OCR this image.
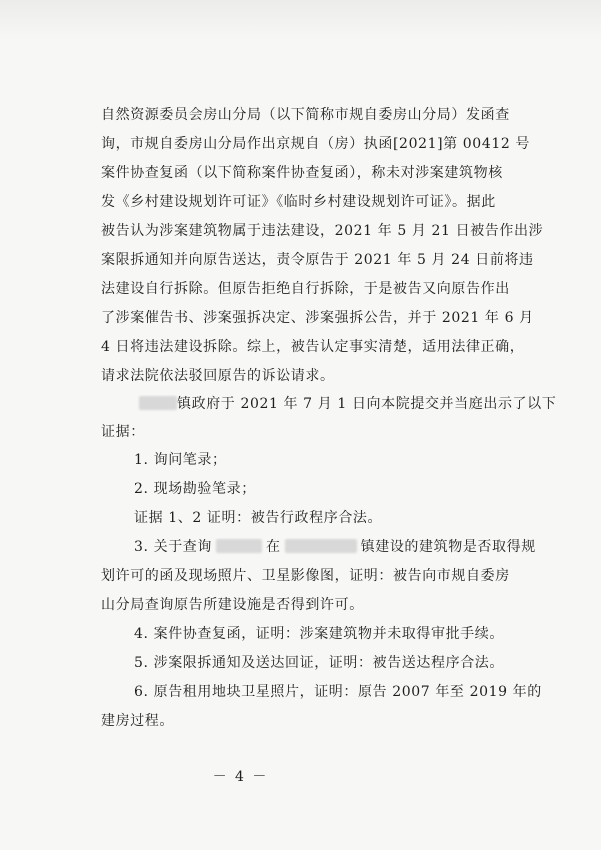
自然资源委员会房山分局（以下简称市规自委房山分局）发函查
询，市规自委房山分局作出京规自（房）执函[2021]第 00412 号
案件协查复函（以下简称案件协查复函），称未对涉案建筑物核
发《乡村建设规划许可证》《临时乡村建设规划许可证》。据此
被告认为涉案建筑物属于违法建设，2021 年 5 月 21 日被告作出涉
案限拆通知并向原告送达，责令原告于 2021 年 5 月 24 日前将违
法建设自行拆除。但原告拒绝自行拆除，于是被告又向原告作出
了涉案催告书、涉案强拆决定、涉案强拆公告，并于 2021 年 6 月
4 日将违法建设拆除。综上，被告认定事实清楚，适用法律正确，
请求法院依法驳回原告的诉讼请求。
镇政府于 2021 年 7 月 1 日向本院提交并当庭出示了以下
证据：
1. 询问笔录；
2. 现场勘验笔录；
证据 1、2 证明：被告行政程序合法。
3. 关于查询	在	镇建设的建筑物是否取得规
划许可的函及现场照片、卫星影像图，证明：被告向市规自委房
山分局查询原告所建设施是否得到许可。
4. 案件协查复函，证明：涉案建筑物并未取得审批手续。
5. 涉案限拆通知及送达回证，证明：被告送达程序合法。
6. 原告租用地块卫星照片，证明：原告 2007 年至 2019 年的
建房过程。
－ 4 －
